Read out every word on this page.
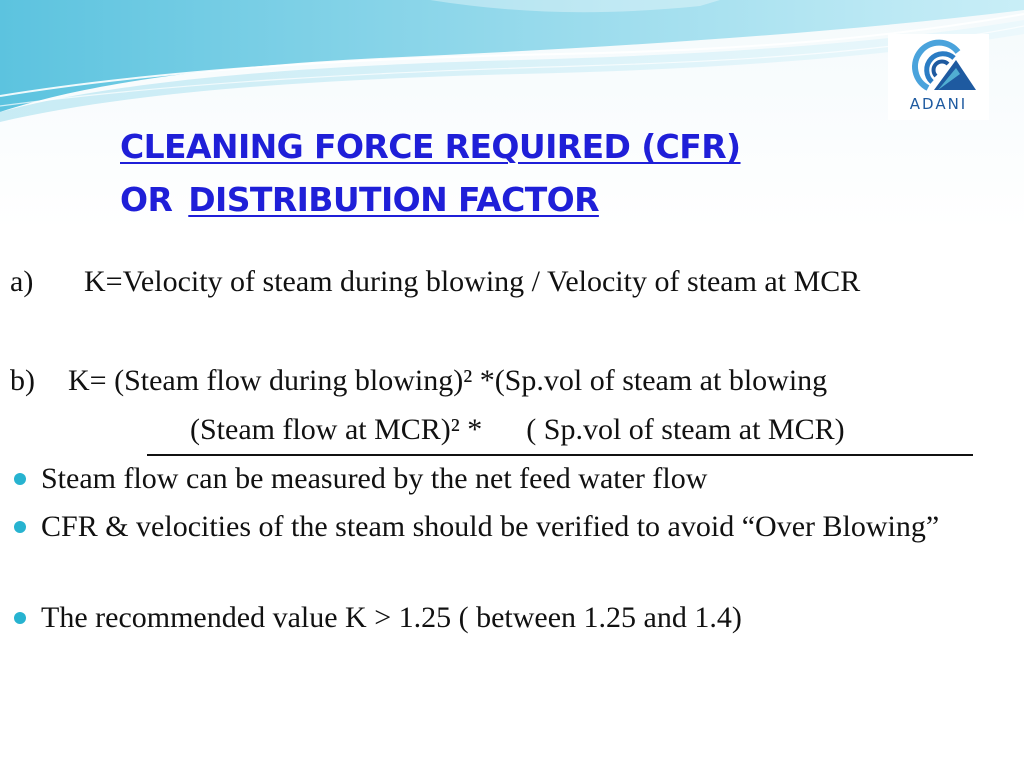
ADANI
CLEANING FORCE REQUIRED (CFR)
OR DISTRIBUTION FACTOR
a) K=Velocity of steam during blowing / Velocity of steam at MCR
b) K= (Steam flow during blowing)² *(Sp.vol of steam at blowing
(Steam flow at MCR)² * ( Sp.vol of steam at MCR)
Steam flow can be measured by the net feed water flow
CFR & velocities of the steam should be verified to avoid “Over Blowing”
The recommended value K > 1.25 ( between 1.25 and 1.4)
